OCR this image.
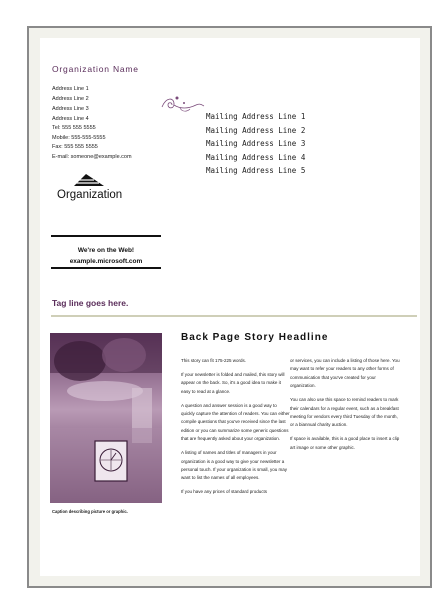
Organization Name
Address Line 1
Address Line 2
Address Line 3
Address Line 4
Tel: 555 555 5555
Mobile: 555-555-5555
Fax: 555 555 5555
E-mail: someone@example.com
Mailing Address Line 1
Mailing Address Line 2
Mailing Address Line 3
Mailing Address Line 4
Mailing Address Line 5
Organization
We're on the Web!
example.microsoft.com
Tag line goes here.
Caption describing picture or graphic.
Back Page Story Headline

This story can fit 175-225 words.

If your newsletter is folded and mailed, this story will appear on the back. So, it's a good idea to make it easy to read at a glance.

A question and answer session is a good way to quickly capture the attention of readers. You can either compile questions that you've received since the last edition or you can summarize some generic questions that are frequently asked about your organization.

A listing of names and titles of managers in your organization is a good way to give your newsletter a personal touch. If your organization is small, you may want to list the names of all employees.

If you have any prices of standard products

or services, you can include a listing of those here. You may want to refer your readers to any other forms of communication that you've created for your organization.

You can also use this space to remind readers to mark their calendars for a regular event, such as a breakfast meeting for vendors every third Tuesday of the month, or a biannual charity auction.

If space is available, this is a good place to insert a clip art image or some other graphic.
